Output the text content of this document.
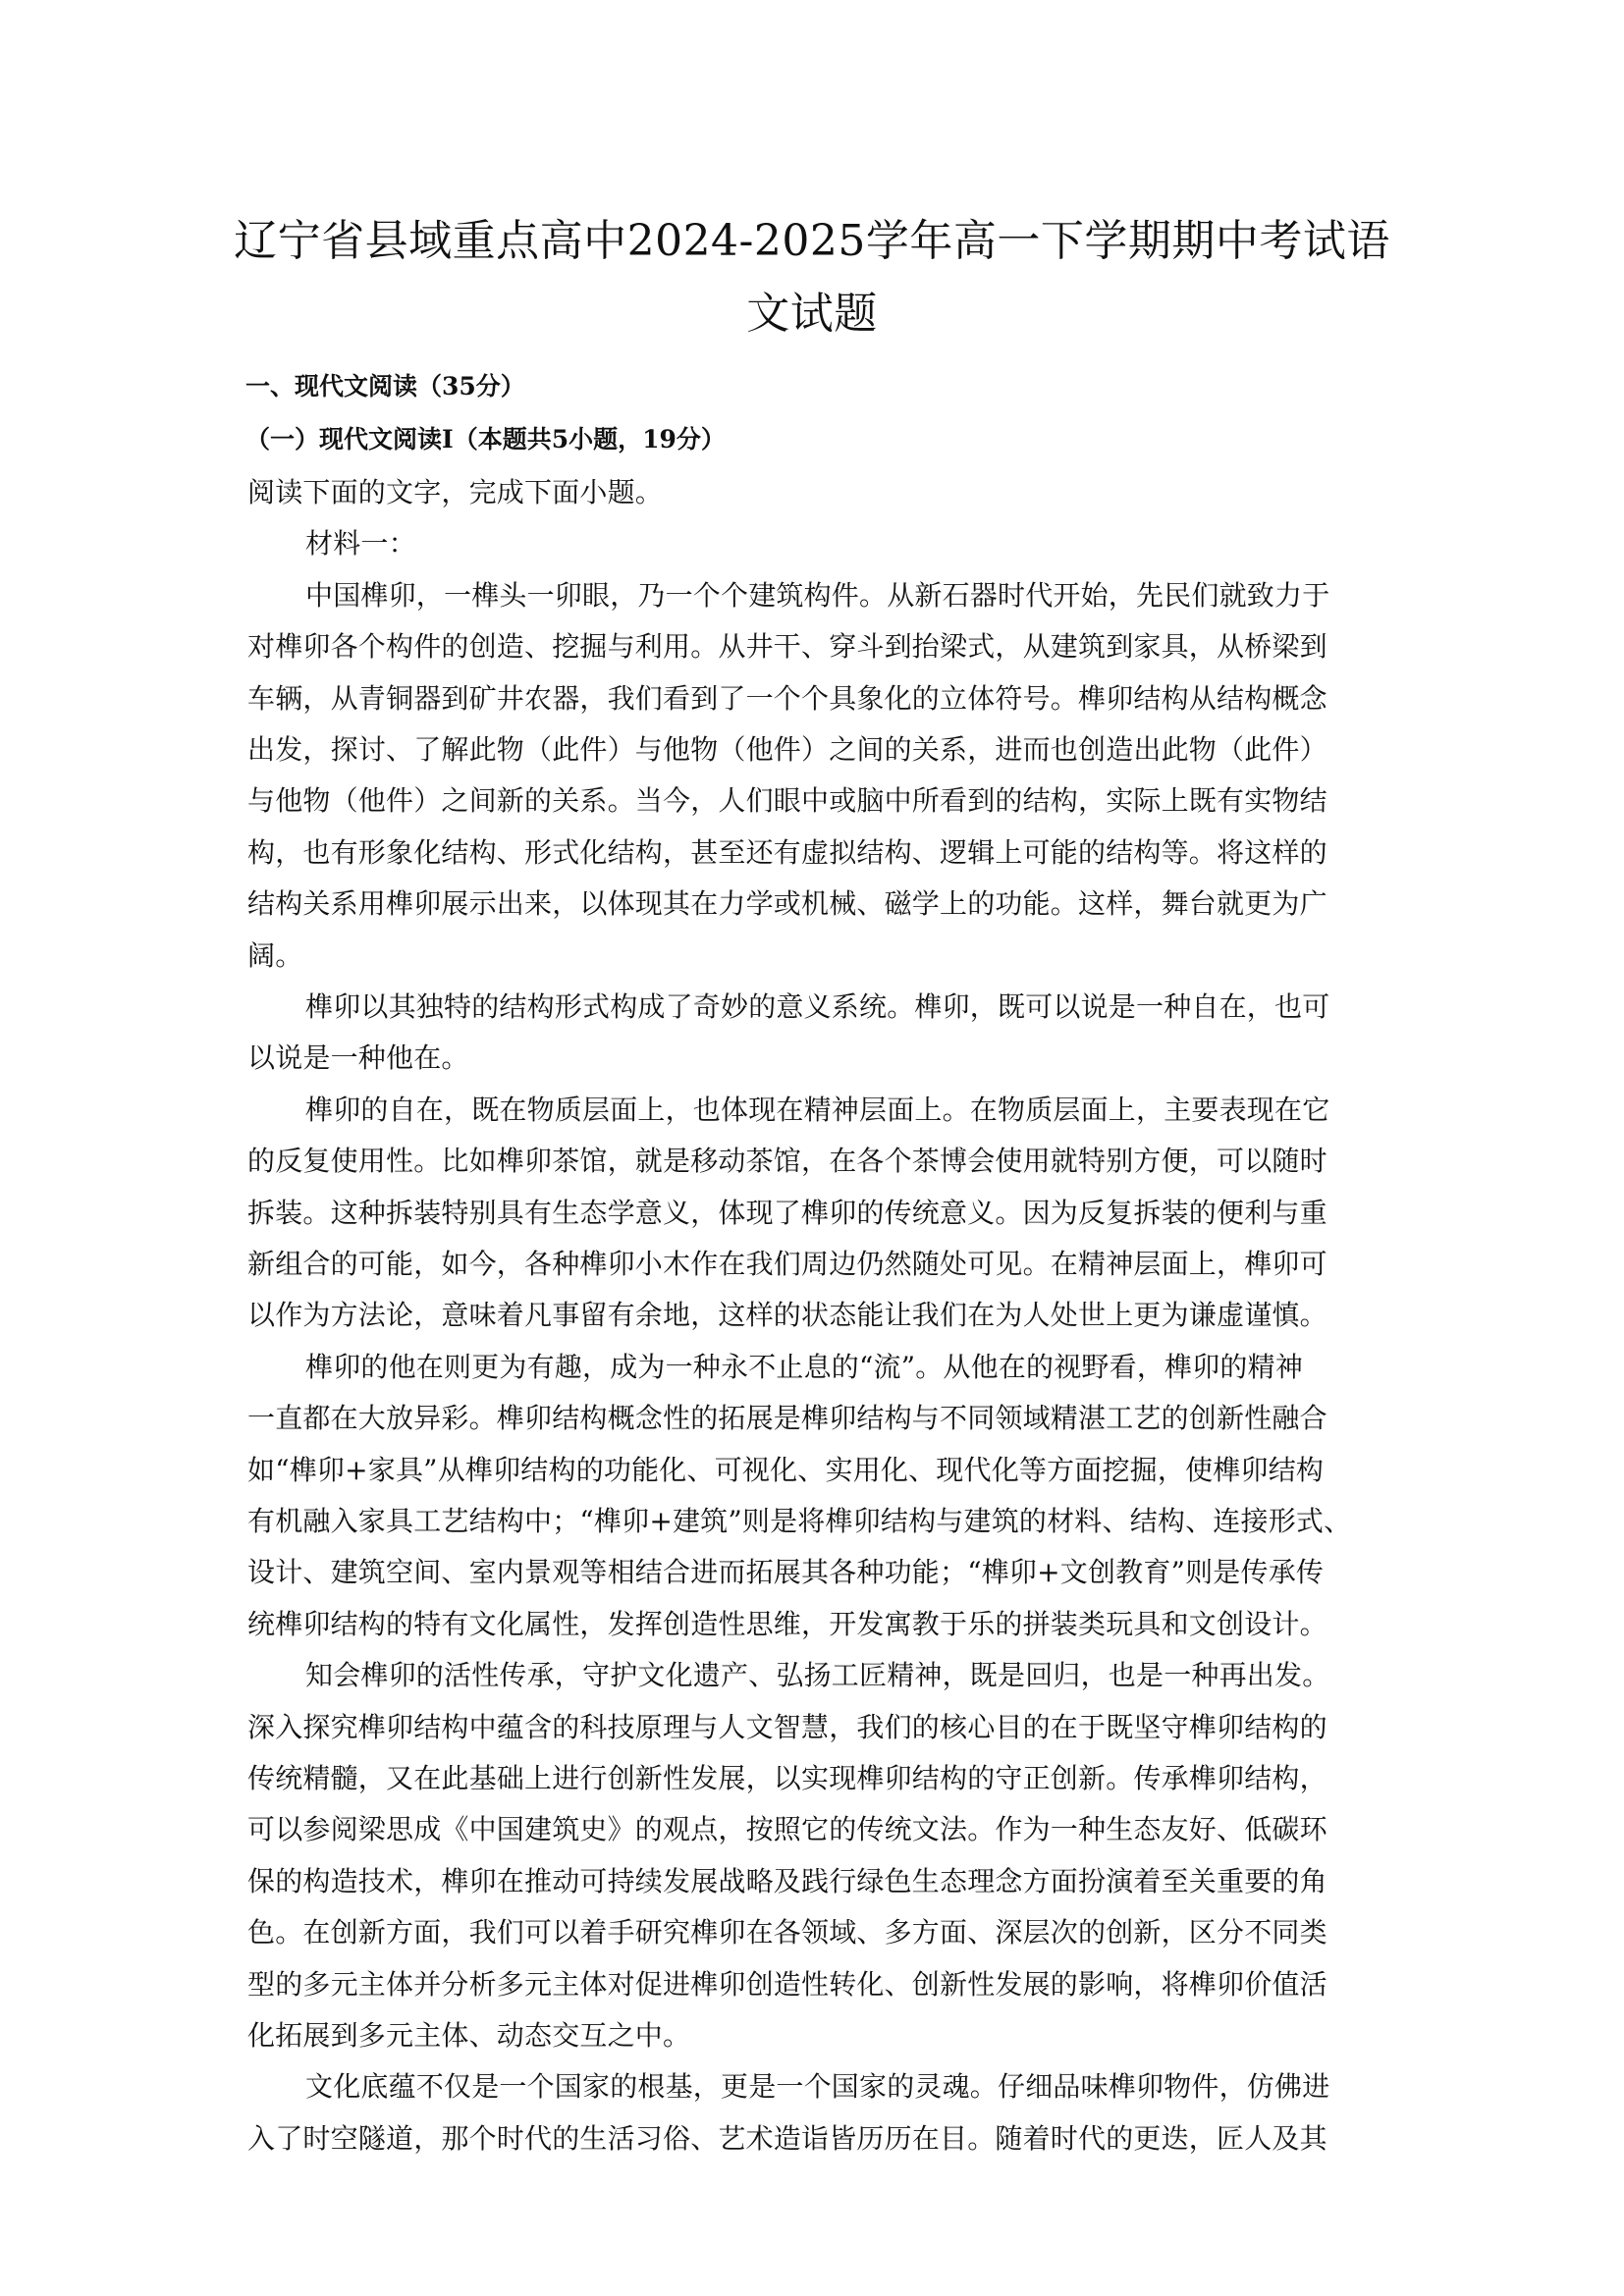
辽宁省县域重点高中2024-2025学年高一下学期期中考试语
文试题
一、现代文阅读（35分）
（一）现代文阅读Ⅰ（本题共5小题，19分）
阅读下面的文字，完成下面小题。
材料一：
中国榫卯，一榫头一卯眼，乃一个个建筑构件。从新石器时代开始，先民们就致力于
对榫卯各个构件的创造、挖掘与利用。从井干、穿斗到抬梁式，从建筑到家具，从桥梁到
车辆，从青铜器到矿井农器，我们看到了一个个具象化的立体符号。榫卯结构从结构概念
出发，探讨、了解此物（此件）与他物（他件）之间的关系，进而也创造出此物（此件）
与他物（他件）之间新的关系。当今，人们眼中或脑中所看到的结构，实际上既有实物结
构，也有形象化结构、形式化结构，甚至还有虚拟结构、逻辑上可能的结构等。将这样的
结构关系用榫卯展示出来，以体现其在力学或机械、磁学上的功能。这样，舞台就更为广
阔。
榫卯以其独特的结构形式构成了奇妙的意义系统。榫卯，既可以说是一种自在，也可
以说是一种他在。
榫卯的自在，既在物质层面上，也体现在精神层面上。在物质层面上，主要表现在它
的反复使用性。比如榫卯茶馆，就是移动茶馆，在各个茶博会使用就特别方便，可以随时
拆装。这种拆装特别具有生态学意义，体现了榫卯的传统意义。因为反复拆装的便利与重
新组合的可能，如今，各种榫卯小木作在我们周边仍然随处可见。在精神层面上，榫卯可
以作为方法论，意味着凡事留有余地，这样的状态能让我们在为人处世上更为谦虚谨慎。
榫卯的他在则更为有趣，成为一种永不止息的“流”。从他在的视野看，榫卯的精神
一直都在大放异彩。榫卯结构概念性的拓展是榫卯结构与不同领域精湛工艺的创新性融合
如“榫卯+家具”从榫卯结构的功能化、可视化、实用化、现代化等方面挖掘，使榫卯结构
有机融入家具工艺结构中；“榫卯+建筑”则是将榫卯结构与建筑的材料、结构、连接形式、
设计、建筑空间、室内景观等相结合进而拓展其各种功能；“榫卯+文创教育”则是传承传
统榫卯结构的特有文化属性，发挥创造性思维，开发寓教于乐的拼装类玩具和文创设计。
知会榫卯的活性传承，守护文化遗产、弘扬工匠精神，既是回归，也是一种再出发。
深入探究榫卯结构中蕴含的科技原理与人文智慧，我们的核心目的在于既坚守榫卯结构的
传统精髓，又在此基础上进行创新性发展，以实现榫卯结构的守正创新。传承榫卯结构，
可以参阅梁思成《中国建筑史》的观点，按照它的传统文法。作为一种生态友好、低碳环
保的构造技术，榫卯在推动可持续发展战略及践行绿色生态理念方面扮演着至关重要的角
色。在创新方面，我们可以着手研究榫卯在各领域、多方面、深层次的创新，区分不同类
型的多元主体并分析多元主体对促进榫卯创造性转化、创新性发展的影响，将榫卯价值活
化拓展到多元主体、动态交互之中。
文化底蕴不仅是一个国家的根基，更是一个国家的灵魂。仔细品味榫卯物件，仿佛进
入了时空隧道，那个时代的生活习俗、艺术造诣皆历历在目。随着时代的更迭，匠人及其
